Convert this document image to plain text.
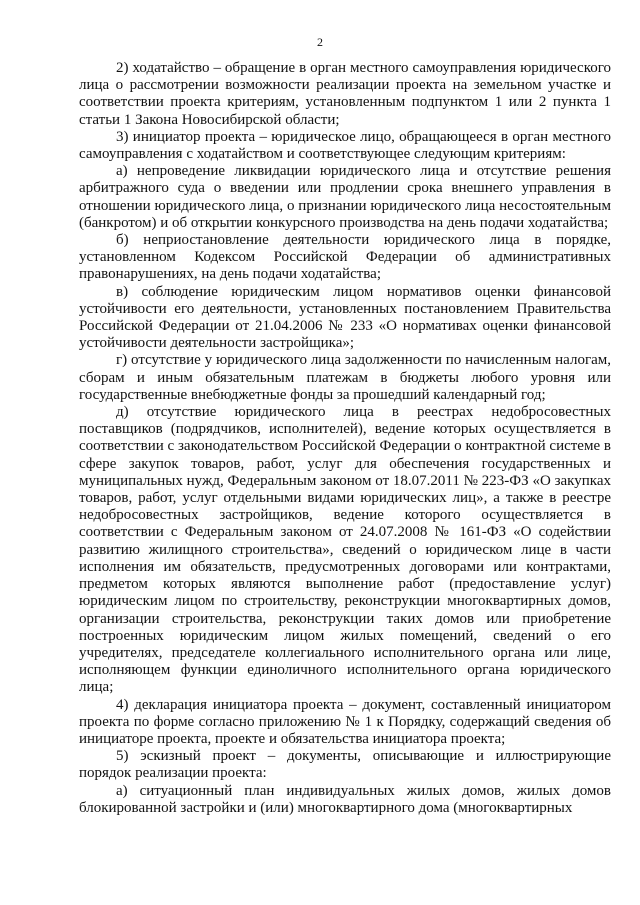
2

2) ходатайство – обращение в орган местного самоуправления юридического лица о рассмотрении возможности реализации проекта на земельном участке и соответствии проекта критериям, установленным подпунктом 1 или 2 пункта 1 статьи 1 Закона Новосибирской области;

3) инициатор проекта – юридическое лицо, обращающееся в орган местного самоуправления с ходатайством и соответствующее следующим критериям:

а) непроведение ликвидации юридического лица и отсутствие решения арбитражного суда о введении или продлении срока внешнего управления в отношении юридического лица, о признании юридического лица несостоятельным (банкротом) и об открытии конкурсного производства на день подачи ходатайства;

б) неприостановление деятельности юридического лица в порядке, установленном Кодексом Российской Федерации об административных правонарушениях, на день подачи ходатайства;

в) соблюдение юридическим лицом нормативов оценки финансовой устойчивости его деятельности, установленных постановлением Правительства Российской Федерации от 21.04.2006 № 233 «О нормативах оценки финансовой устойчивости деятельности застройщика»;

г) отсутствие у юридического лица задолженности по начисленным налогам, сборам и иным обязательным платежам в бюджеты любого уровня или государственные внебюджетные фонды за прошедший календарный год;

д) отсутствие юридического лица в реестрах недобросовестных поставщиков (подрядчиков, исполнителей), ведение которых осуществляется в соответствии с законодательством Российской Федерации о контрактной системе в сфере закупок товаров, работ, услуг для обеспечения государственных и муниципальных нужд, Федеральным законом от 18.07.2011 № 223-ФЗ «О закупках товаров, работ, услуг отдельными видами юридических лиц», а также в реестре недобросовестных застройщиков, ведение которого осуществляется в соответствии с Федеральным законом от 24.07.2008 № 161-ФЗ «О содействии развитию жилищного строительства», сведений о юридическом лице в части исполнения им обязательств, предусмотренных договорами или контрактами, предметом которых являются выполнение работ (предоставление услуг) юридическим лицом по строительству, реконструкции многоквартирных домов, организации строительства, реконструкции таких домов или приобретение построенных юридическим лицом жилых помещений, сведений о его учредителях, председателе коллегиального исполнительного органа или лице, исполняющем функции единоличного исполнительного органа юридического лица;

4) декларация инициатора проекта – документ, составленный инициатором проекта по форме согласно приложению № 1 к Порядку, содержащий сведения об инициаторе проекта, проекте и обязательства инициатора проекта;

5) эскизный проект – документы, описывающие и иллюстрирующие порядок реализации проекта:

а) ситуационный план индивидуальных жилых домов, жилых домов блокированной застройки и (или) многоквартирного дома (многоквартирных
